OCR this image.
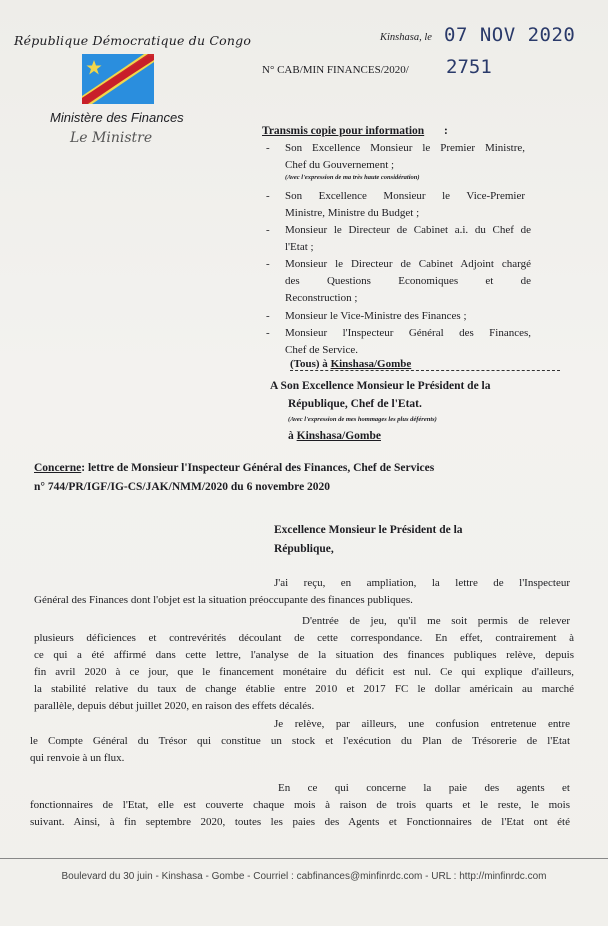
République Démocratique du Congo
Ministère des Finances
Le Ministre
Kinshasa, le 07 NOV 2020
N° CAB/MIN FINANCES/2020/ 2751
Transmis copie pour information :
- Son Excellence Monsieur le Premier Ministre,
Chef du Gouvernement ;
(Avec l'expression de ma très haute considération)
- Son Excellence Monsieur le Vice-Premier
Ministre, Ministre du Budget ;
- Monsieur le Directeur de Cabinet a.i. du Chef de
l'Etat ;
- Monsieur le Directeur de Cabinet Adjoint chargé
des Questions Economiques et de
Reconstruction ;
- Monsieur le Vice-Ministre des Finances ;
- Monsieur l'Inspecteur Général des Finances,
Chef de Service.
(Tous) à Kinshasa/Gombe
A Son Excellence Monsieur le Président de la
République, Chef de l'Etat.
(Avec l'expression de mes hommages les plus déférents)
à Kinshasa/Gombe
Concerne: lettre de Monsieur l'Inspecteur Général des Finances, Chef de Services
n° 744/PR/IGF/IG-CS/JAK/NMM/2020 du 6 novembre 2020
Excellence Monsieur le Président de la
République,
J'ai reçu, en ampliation, la lettre de l'Inspecteur
Général des Finances dont l'objet est la situation préoccupante des finances publiques.
D'entrée de jeu, qu'il me soit permis de relever
plusieurs déficiences et contrevérités découlant de cette correspondance. En effet, contrairement à
ce qui a été affirmé dans cette lettre, l'analyse de la situation des finances publiques relève, depuis
fin avril 2020 à ce jour, que le financement monétaire du déficit est nul. Ce qui explique d'ailleurs,
la stabilité relative du taux de change établie entre 2010 et 2017 FC le dollar américain au marché
parallèle, depuis début juillet 2020, en raison des effets décalés.
Je relève, par ailleurs, une confusion entretenue entre
le Compte Général du Trésor qui constitue un stock et l'exécution du Plan de Trésorerie de l'Etat
qui renvoie à un flux.
En ce qui concerne la paie des agents et
fonctionnaires de l'Etat, elle est couverte chaque mois à raison de trois quarts et le reste, le mois
suivant. Ainsi, à fin septembre 2020, toutes les paies des Agents et Fonctionnaires de l'Etat ont été
Boulevard du 30 juin - Kinshasa - Gombe - Courriel : cabfinances@minfinrdc.com - URL : http://minfinrdc.com
